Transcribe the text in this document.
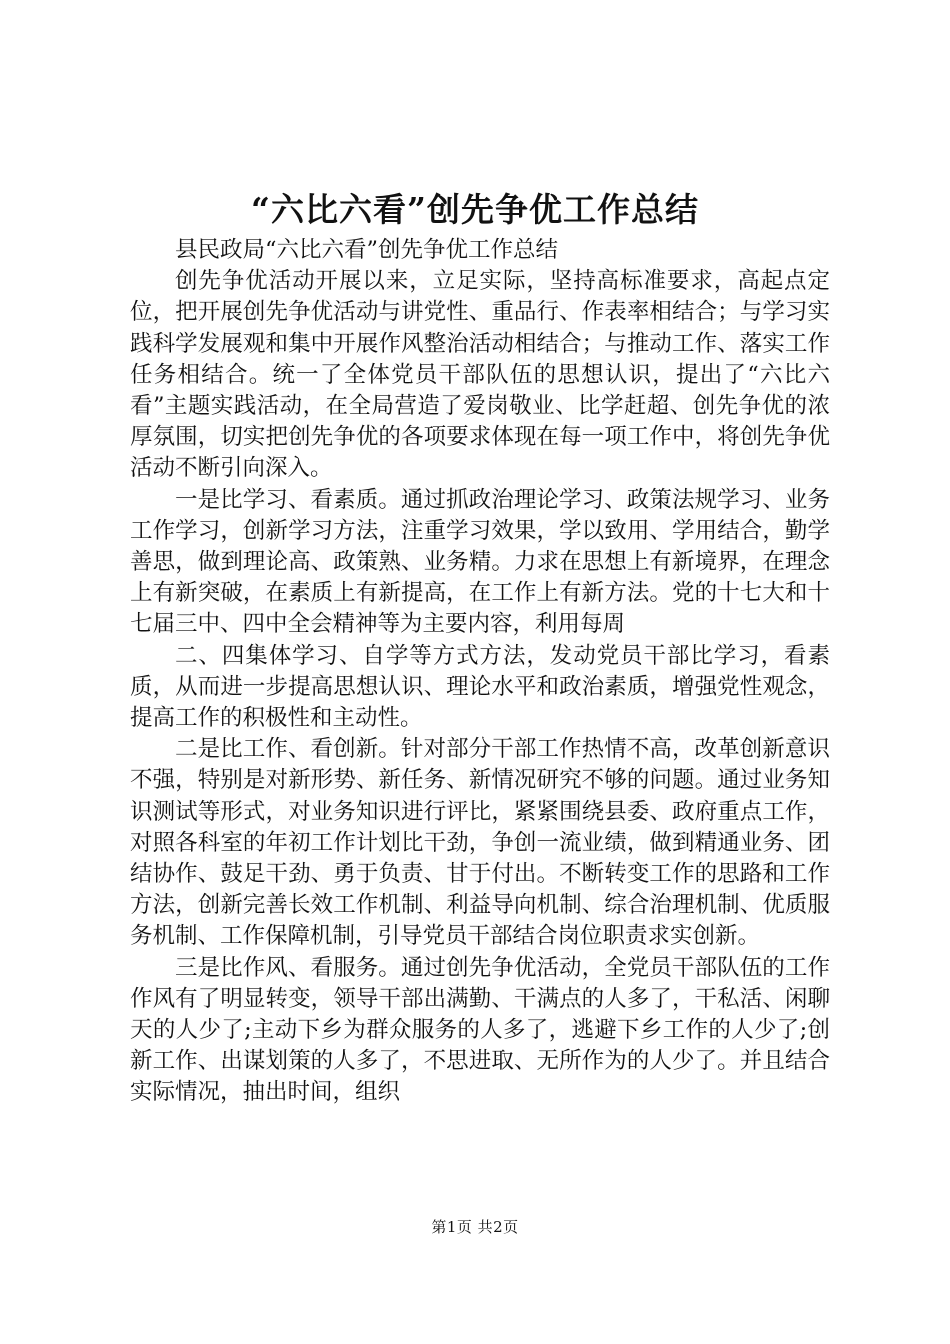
“六比六看”创先争优工作总结

县民政局“六比六看”创先争优工作总结

创先争优活动开展以来，立足实际，坚持高标准要求，高起点定位，把开展创先争优活动与讲党性、重品行、作表率相结合；与学习实践科学发展观和集中开展作风整治活动相结合；与推动工作、落实工作任务相结合。统一了全体党员干部队伍的思想认识，提出了“六比六看”主题实践活动，在全局营造了爱岗敬业、比学赶超、创先争优的浓厚氛围，切实把创先争优的各项要求体现在每一项工作中，将创先争优活动不断引向深入。

一是比学习、看素质。通过抓政治理论学习、政策法规学习、业务工作学习，创新学习方法，注重学习效果，学以致用、学用结合，勤学善思，做到理论高、政策熟、业务精。力求在思想上有新境界，在理念上有新突破，在素质上有新提高，在工作上有新方法。党的十七大和十七届三中、四中全会精神等为主要内容，利用每周

二、四集体学习、自学等方式方法，发动党员干部比学习，看素质，从而进一步提高思想认识、理论水平和政治素质，增强党性观念，提高工作的积极性和主动性。

二是比工作、看创新。针对部分干部工作热情不高，改革创新意识不强，特别是对新形势、新任务、新情况研究不够的问题。通过业务知识测试等形式，对业务知识进行评比，紧紧围绕县委、政府重点工作，对照各科室的年初工作计划比干劲，争创一流业绩，做到精通业务、团结协作、鼓足干劲、勇于负责、甘于付出。不断转变工作的思路和工作方法，创新完善长效工作机制、利益导向机制、综合治理机制、优质服务机制、工作保障机制，引导党员干部结合岗位职责求实创新。

三是比作风、看服务。通过创先争优活动，全党员干部队伍的工作作风有了明显转变，领导干部出满勤、干满点的人多了，干私活、闲聊天的人少了;主动下乡为群众服务的人多了，逃避下乡工作的人少了;创新工作、出谋划策的人多了，不思进取、无所作为的人少了。并且结合实际情况，抽出时间，组织

第1页 共2页
